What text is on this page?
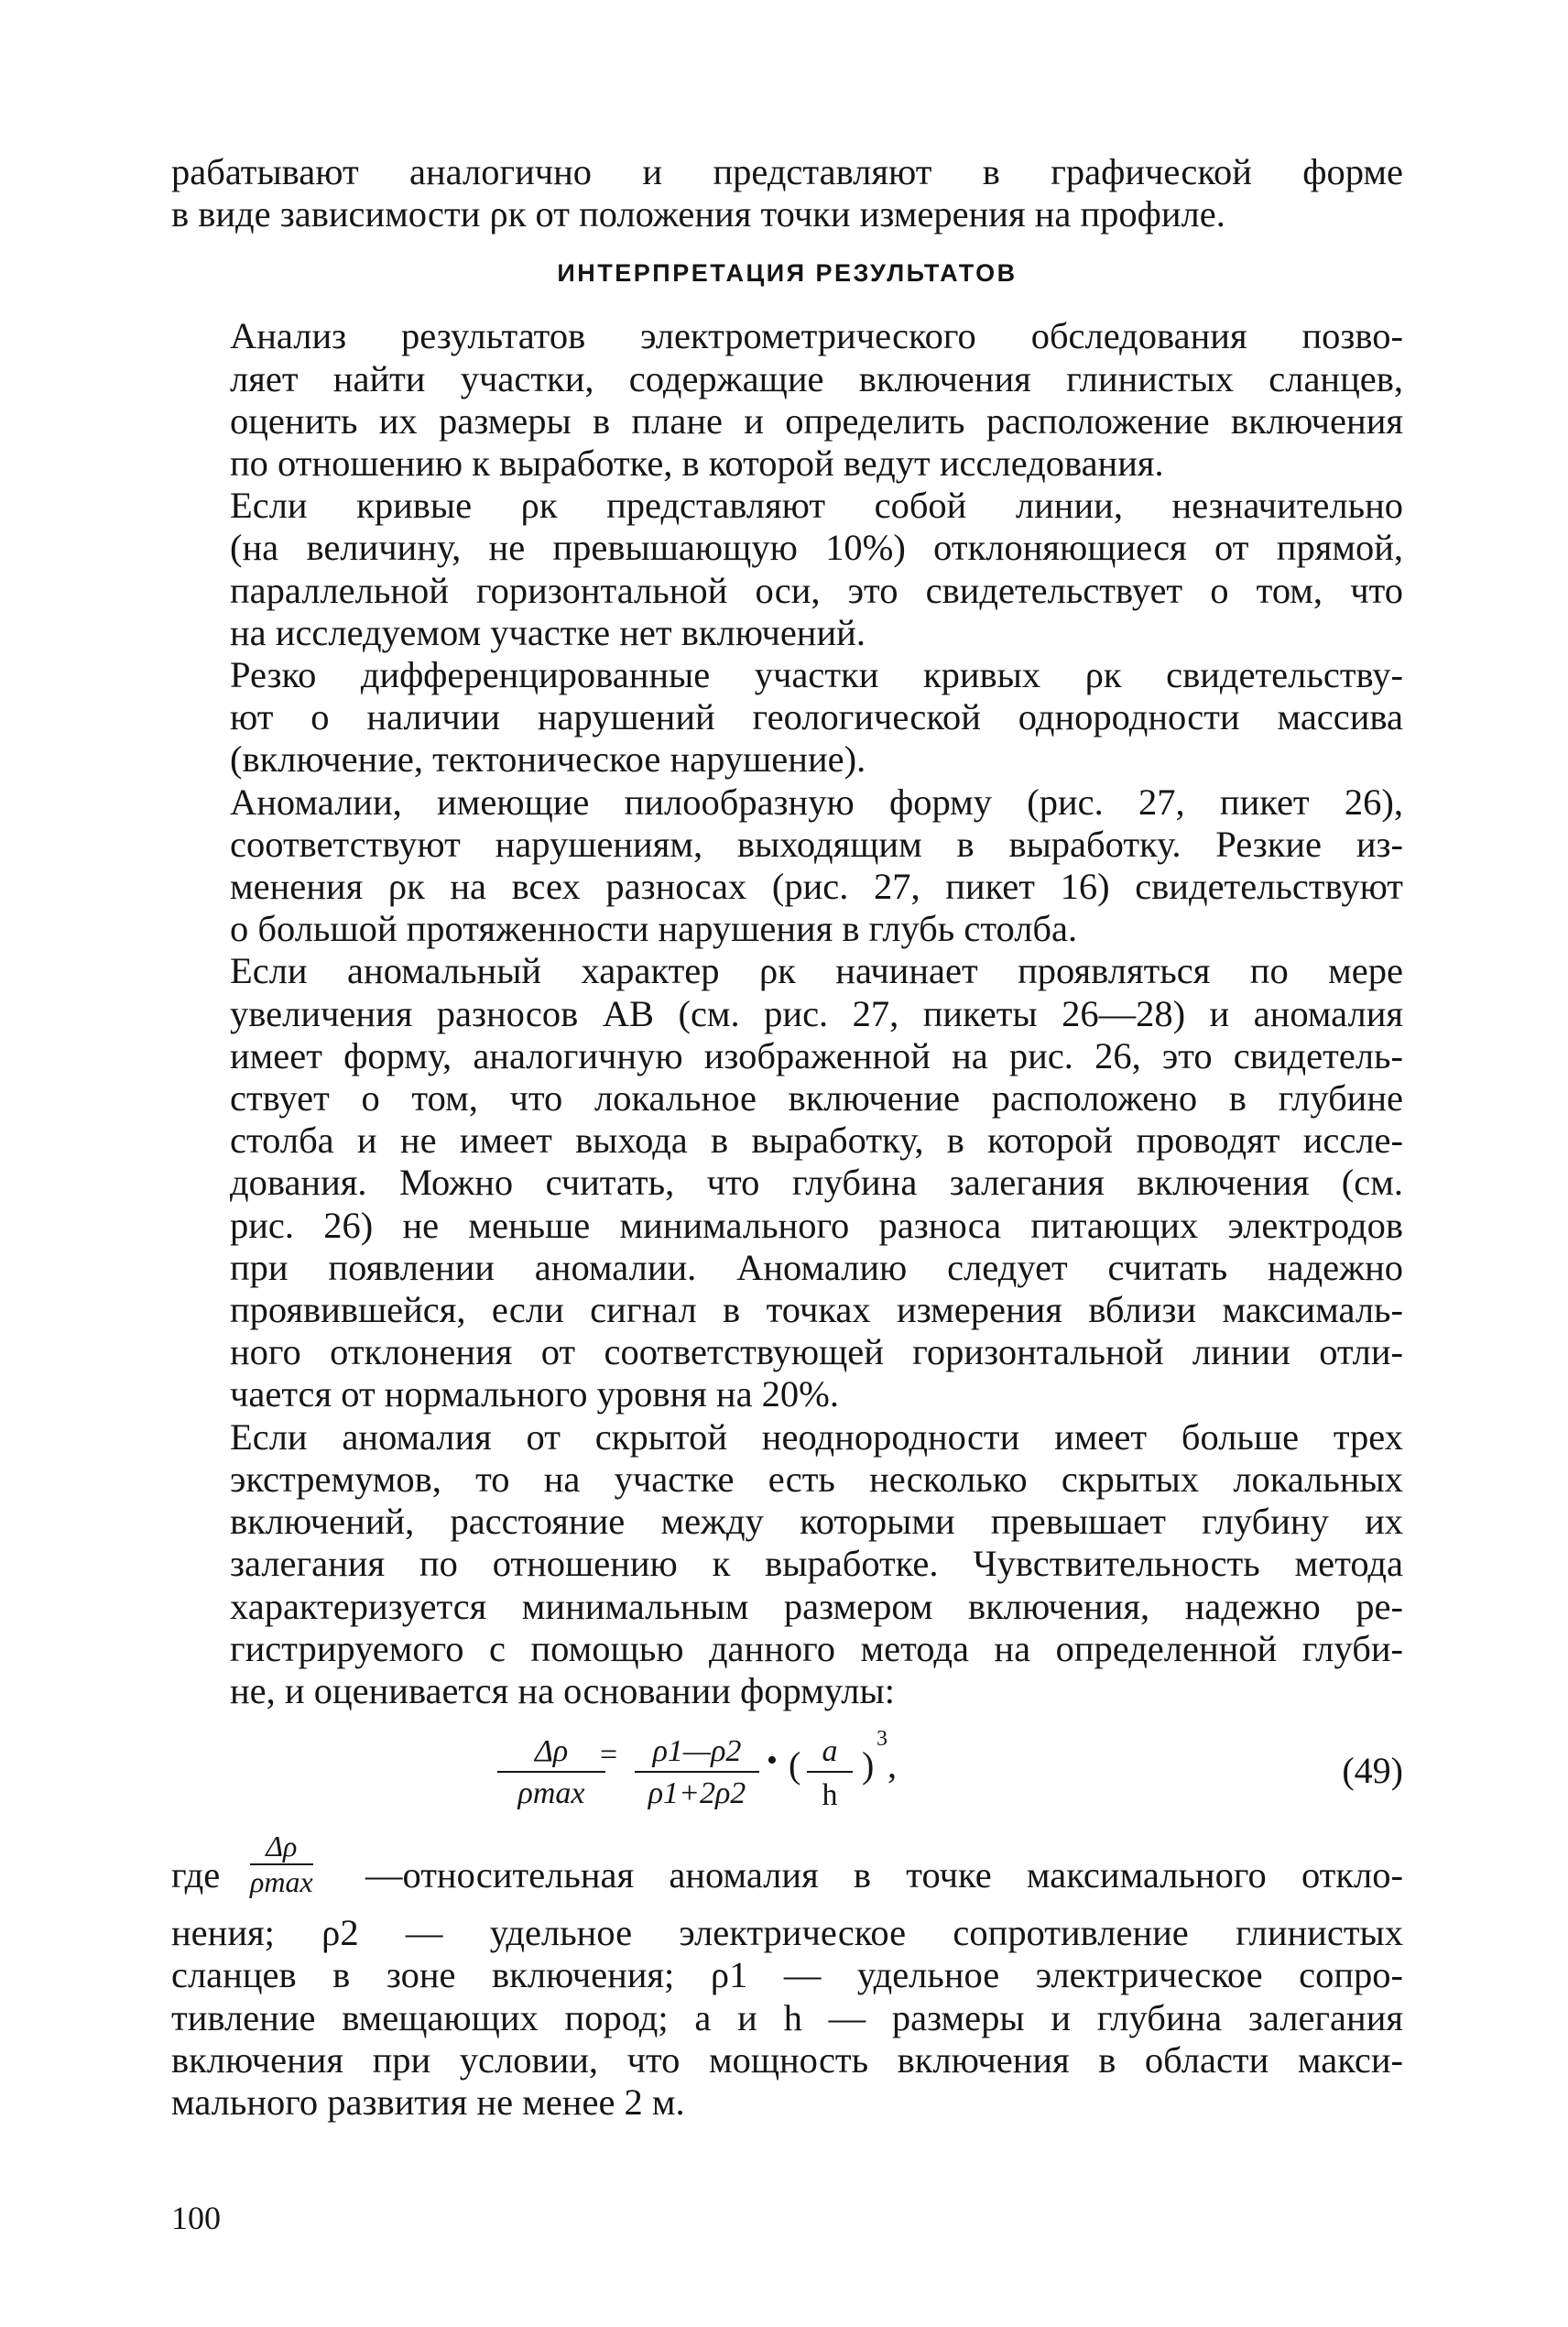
рабатывают аналогично и представляют в графической форме
в виде зависимости ρк от положения точки измерения на профиле.

ИНТЕРПРЕТАЦИЯ РЕЗУЛЬТАТОВ

Анализ результатов электрометрического обследования позво-
ляет найти участки, содержащие включения глинистых сланцев,
оценить их размеры в плане и определить расположение включения
по отношению к выработке, в которой ведут исследования.

Если кривые ρк представляют собой линии, незначительно
(на величину, не превышающую 10%) отклоняющиеся от прямой,
параллельной горизонтальной оси, это свидетельствует о том, что
на исследуемом участке нет включений.

Резко дифференцированные участки кривых ρк свидетельству-
ют о наличии нарушений геологической однородности массива
(включение, тектоническое нарушение).

Аномалии, имеющие пилообразную форму (рис. 27, пикет 26),
соответствуют нарушениям, выходящим в выработку. Резкие из-
менения ρк на всех разносах (рис. 27, пикет 16) свидетельствуют
о большой протяженности нарушения в глубь столба.

Если аномальный характер ρк начинает проявляться по мере
увеличения разносов АВ (см. рис. 27, пикеты 26—28) и аномалия
имеет форму, аналогичную изображенной на рис. 26, это свидетель-
ствует о том, что локальное включение расположено в глубине
столба и не имеет выхода в выработку, в которой проводят иссле-
дования. Можно считать, что глубина залегания включения (см.
рис. 26) не меньше минимального разноса питающих электродов
при появлении аномалии. Аномалию следует считать надежно
проявившейся, если сигнал в точках измерения вблизи максималь-
ного отклонения от соответствующей горизонтальной линии отли-
чается от нормального уровня на 20%.

Если аномалия от скрытой неоднородности имеет больше трех
экстремумов, то на участке есть несколько скрытых локальных
включений, расстояние между которыми превышает глубину их
залегания по отношению к выработке. Чувствительность метода
характеризуется минимальным размером включения, надежно ре-
гистрируемого с помощью данного метода на определенной глуби-
не, и оценивается на основании формулы:

Δρ
ρmax
= $\frac{\rho 1—\rho 2}{\rho 1+2\rho 2}$ • ( $\frac{a}{h}$ )
3
,	(49)
где
Δρ
ρmax —относительная аномалия в точке максимального откло-

нения; ρ2 — удельное электрическое сопротивление глинистых
сланцев в зоне включения; ρ1 — удельное электрическое сопро-
тивление вмещающих пород; a и h — размеры и глубина залегания
включения при условии, что мощность включения в области макси-
мального развития не менее 2 м.

100
